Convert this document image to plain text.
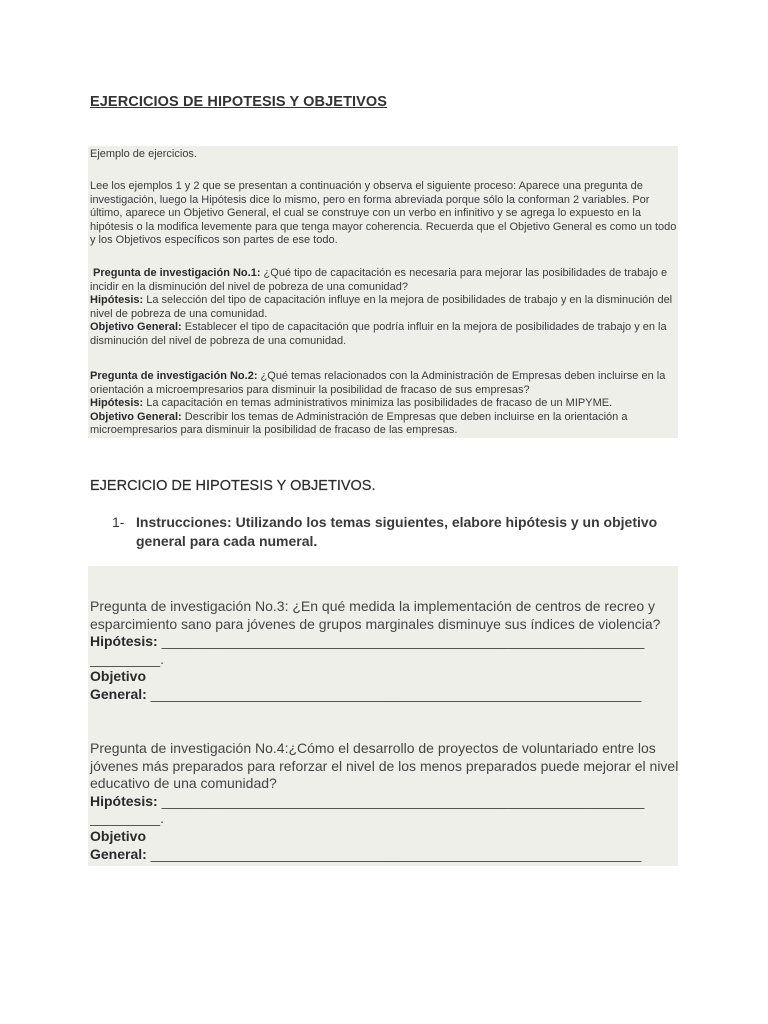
EJERCICIOS DE HIPOTESIS Y OBJETIVOS

Ejemplo de ejercicios.

Lee los ejemplos 1 y 2 que se presentan a continuación y observa el siguiente proceso: Aparece una pregunta de investigación, luego la Hipótesis dice lo mismo, pero en forma abreviada porque sólo la conforman 2 variables. Por último, aparece un Objetivo General, el cual se construye con un verbo en infinitivo y se agrega lo expuesto en la hipótesis o la modifica levemente para que tenga mayor coherencia. Recuerda que el Objetivo General es como un todo y los Objetivos específicos son partes de ese todo.

Pregunta de investigación No.1: ¿Qué tipo de capacitación es necesaria para mejorar las posibilidades de trabajo e incidir en la disminución del nivel de pobreza de una comunidad?
Hipótesis: La selección del tipo de capacitación influye en la mejora de posibilidades de trabajo y en la disminución del nivel de pobreza de una comunidad.
Objetivo General: Establecer el tipo de capacitación que podría influir en la mejora de posibilidades de trabajo y en la disminución del nivel de pobreza de una comunidad.

Pregunta de investigación No.2: ¿Qué temas relacionados con la Administración de Empresas deben incluirse en la orientación a microempresarios para disminuir la posibilidad de fracaso de sus empresas?
Hipótesis: La capacitación en temas administrativos minimiza las posibilidades de fracaso de un MIPYME.
Objetivo General: Describir los temas de Administración de Empresas que deben incluirse en la orientación a microempresarios para disminuir la posibilidad de fracaso de las empresas.

EJERCICIO DE HIPOTESIS Y OBJETIVOS.
1- Instrucciones: Utilizando los temas siguientes, elabore hipótesis y un objetivo general para cada numeral.
Pregunta de investigación No.3: ¿En qué medida la implementación de centros de recreo y esparcimiento sano para jóvenes de grupos marginales disminuye sus índices de violencia?
Hipótesis: ______________________________________________________________
_________.
Objetivo
General: _______________________________________________________________
Pregunta de investigación No.4:¿Cómo el desarrollo de proyectos de voluntariado entre los jóvenes más preparados para reforzar el nivel de los menos preparados puede mejorar el nivel educativo de una comunidad?
Hipótesis: ______________________________________________________________
_________.
Objetivo
General: _______________________________________________________________
